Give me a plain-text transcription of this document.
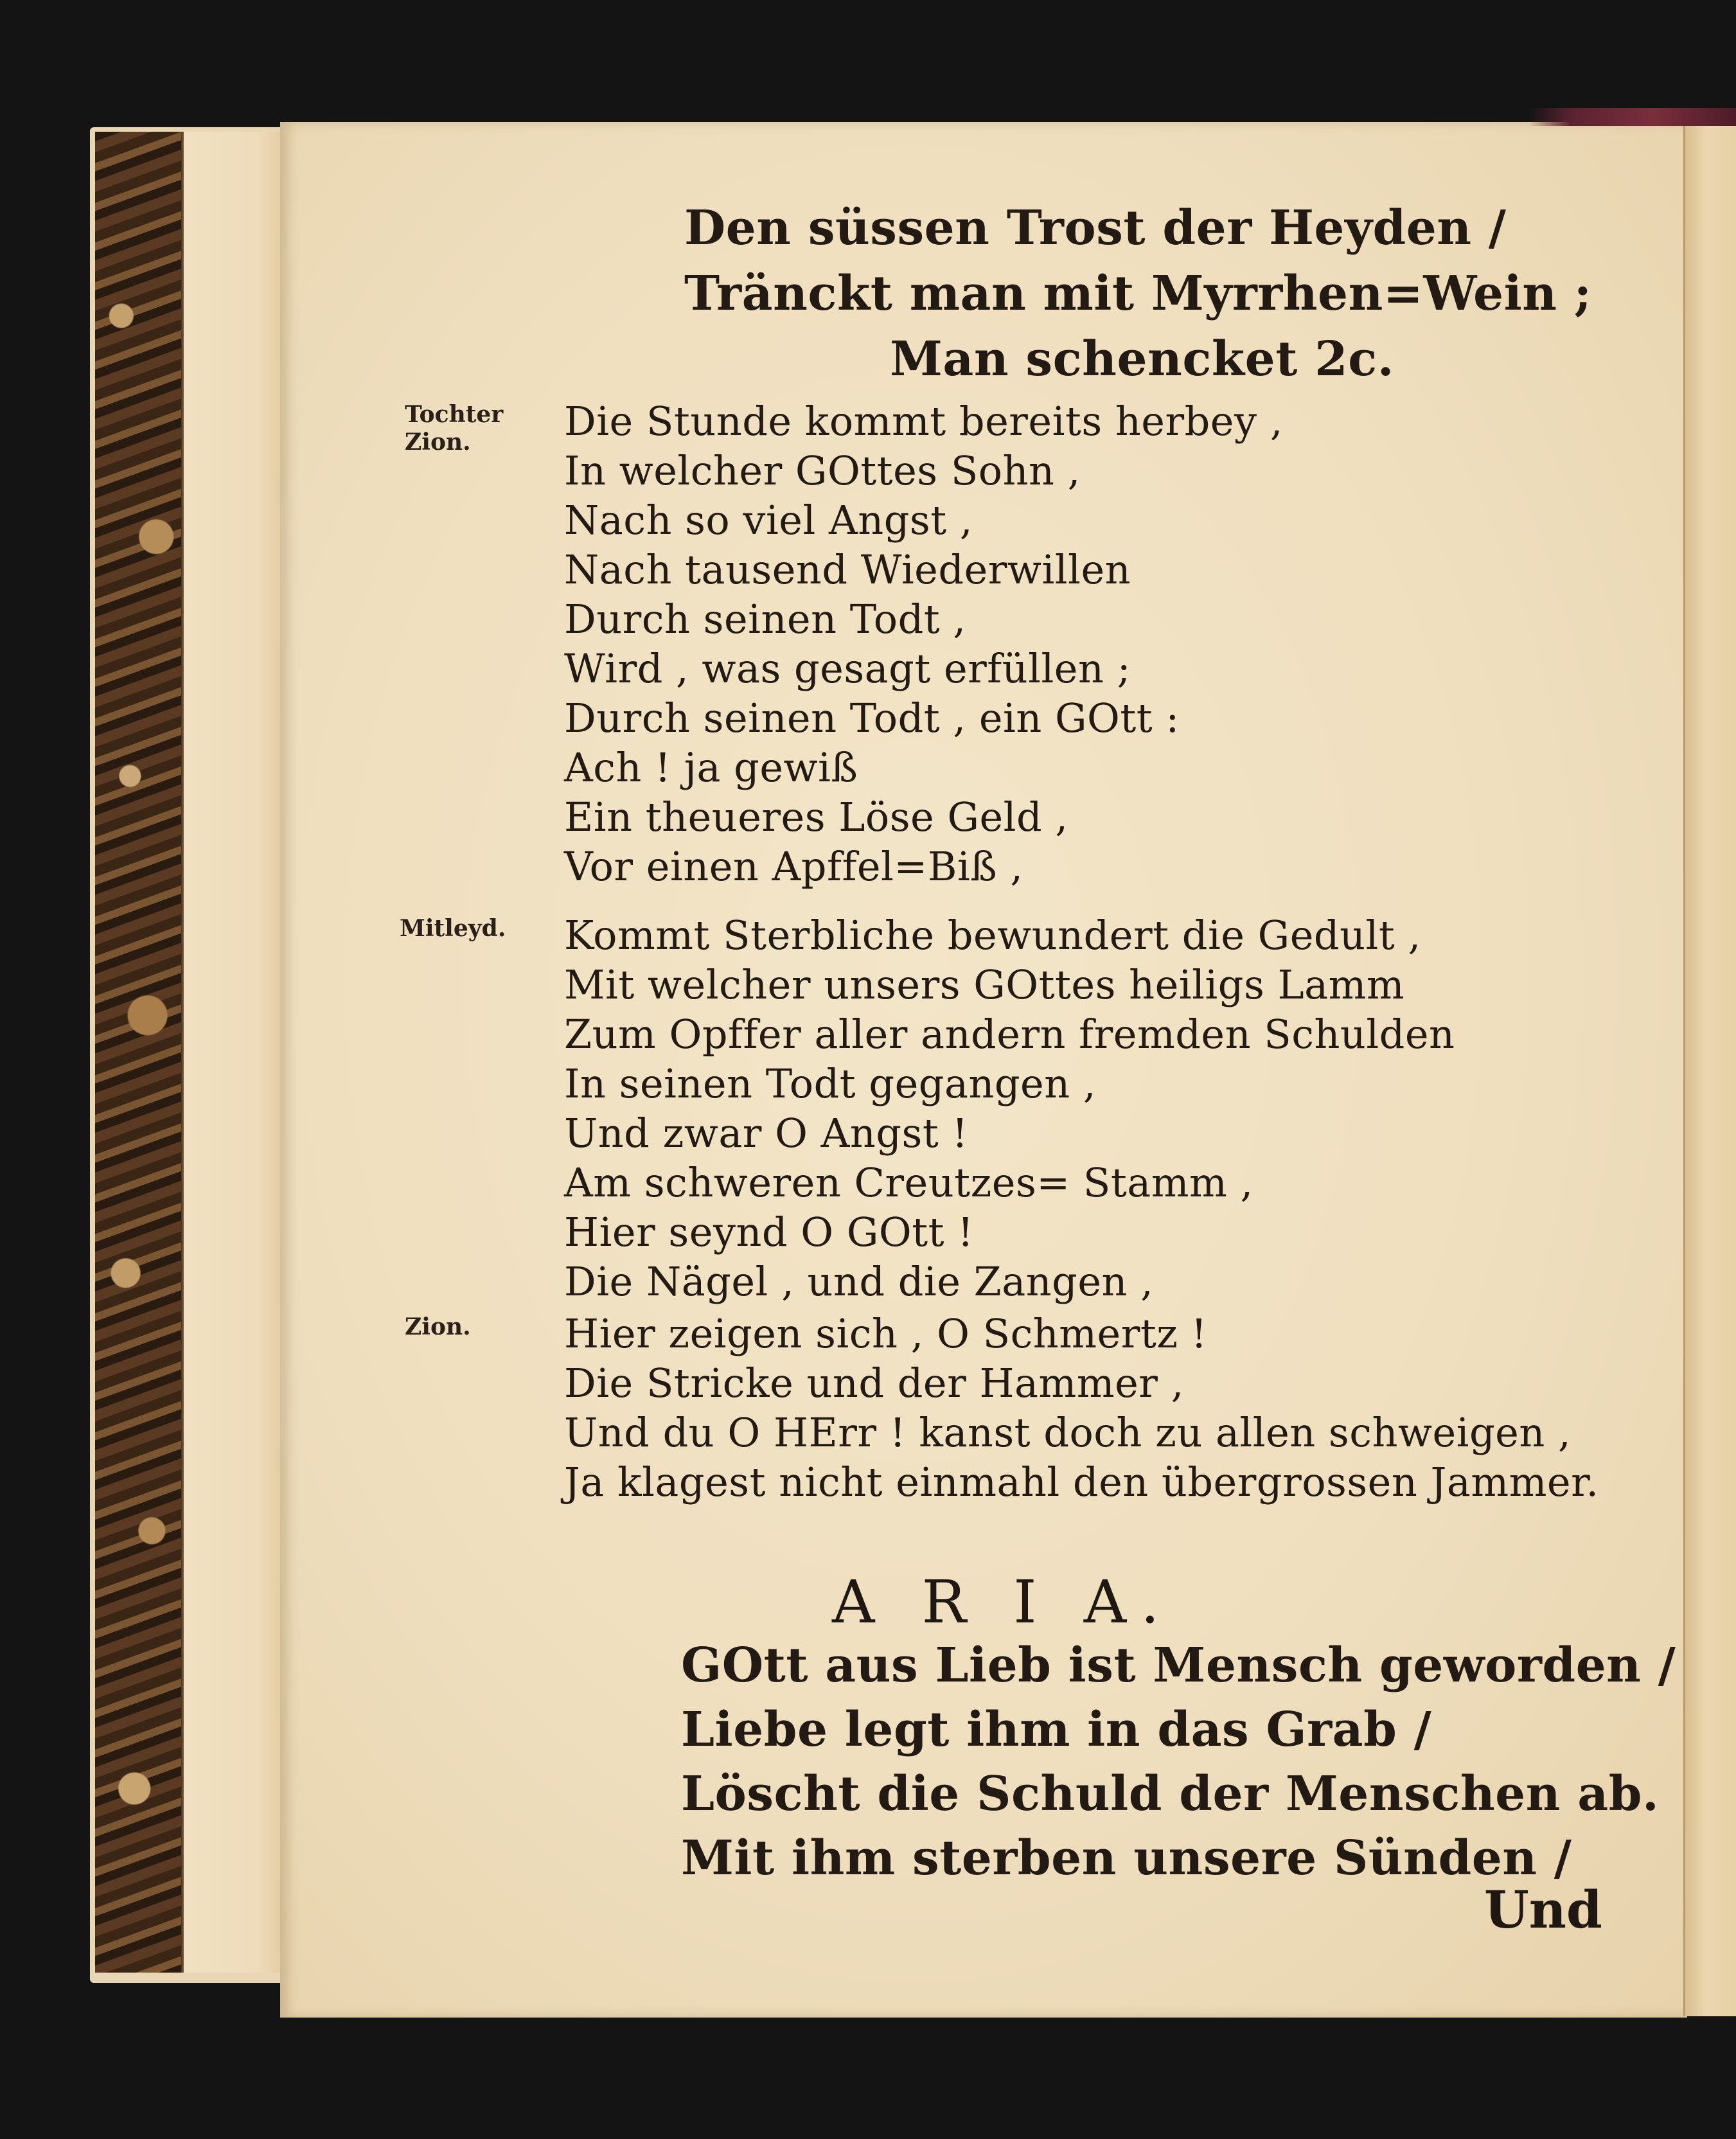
Den süssen Trost der Heyden /
Tränckt man mit Myrrhen=Wein ;
Man schencket 2c.
Tochter
Zion.
Mitleyd.
Zion.
Die Stunde kommt bereits herbey ,
In welcher GOttes Sohn ,
Nach so viel Angst ,
Nach tausend Wiederwillen
Durch seinen Todt ,
Wird , was gesagt erfüllen ;
Durch seinen Todt , ein GOtt :
Ach ! ja gewiß
Ein theueres Löse Geld ,
Vor einen Apffel=Biß ,
Kommt Sterbliche bewundert die Gedult ,
Mit welcher unsers GOttes heiligs Lamm
Zum Opffer aller andern fremden Schulden
In seinen Todt gegangen ,
Und zwar O Angst !
Am schweren Creutzes= Stamm ,
Hier seynd O GOtt !
Die Nägel , und die Zangen ,
Hier zeigen sich , O Schmertz !
Die Stricke und der Hammer ,
Und du O HErr ! kanst doch zu allen schweigen ,
Ja klagest nicht einmahl den übergrossen Jammer.
A R I A.
GOtt aus Lieb ist Mensch geworden /
Liebe legt ihm in das Grab /
Löscht die Schuld der Menschen ab.
Mit ihm sterben unsere Sünden /
Und
